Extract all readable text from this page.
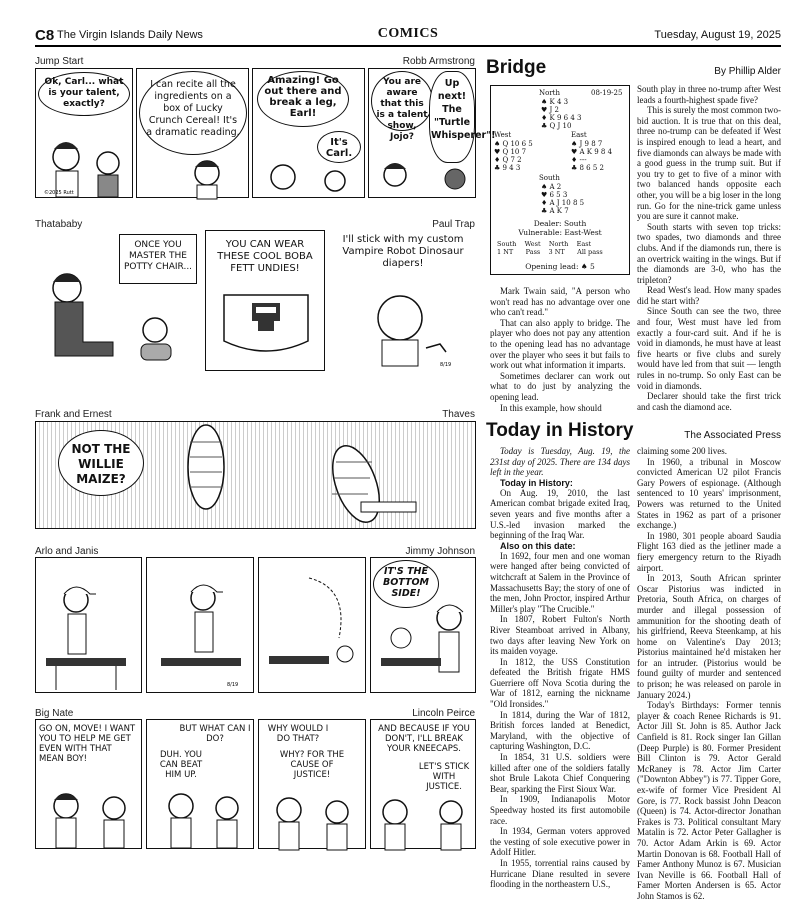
C8 The Virgin Islands Daily News	COMICS	Tuesday, August 19, 2025
Jump Start	Robb Armstrong
Ok, Carl... what is your talent, exactly?
©2025 Rutt
I can recite all the ingredients on a box of Lucky Crunch Cereal! It's a dramatic reading.
Amazing! Go out there and break a leg, Earl!
It's Carl.
You are aware that this is a talent show, Jojo?
Up next! The "Turtle Whisperer"!
Thatababy	Paul Trap
ONCE YOU MASTER THE POTTY CHAIR...
YOU CAN WEAR THESE COOL BOBA FETT UNDIES!
I'll stick with my custom Vampire Robot Dinosaur diapers!
8/19
Frank and Ernest	Thaves
NOT THE WILLIE MAIZE?
Arlo and Janis	Jimmy Johnson
8/19
IT'S THE BOTTOM SIDE!
Big Nate	Lincoln Peirce
GO ON, MOVE! I WANT YOU TO HELP ME GET EVEN WITH THAT MEAN BOY!
BUT WHAT CAN I DO?
DUH. YOU CAN BEAT HIM UP.
WHY WOULD I DO THAT?
WHY? FOR THE CAUSE OF JUSTICE!
AND BECAUSE IF YOU DON'T, I'LL BREAK YOUR KNEECAPS.
LET'S STICK WITH JUSTICE.
Bridge	By Phillip Alder
North	08-19-25
♠ K 4 3
♥ J 2
♦ K 9 6 4 3
♣ Q J 10
West
♠ Q 10 6 5
♥ Q 10 7
♦ Q 7 2
♣ 9 4 3
East
♠ J 9 8 7
♥ A K 9 8 4
♦ ---
♣ 8 6 5 2
South
♠ A 2
♥ 6 5 3
♦ A J 10 8 5
♣ A K 7
Dealer: South
Vulnerable: East-West
South    West    North    East
1 NT      Pass    3 NT      All pass
Opening lead: ♠ 5

Mark Twain said, "A person who won't read has no advantage over one who can't read."

That can also apply to bridge. The player who does not pay any attention to the opening lead has no advantage over the player who sees it but fails to work out what information it imparts.

Sometimes declarer can work out what to do just by analyzing the opening lead.

In this example, how should

South play in three no-trump after West leads a fourth-highest spade five?

This is surely the most common two-bid auction. It is true that on this deal, three no-trump can be defeated if West is inspired enough to lead a heart, and five diamonds can always be made with a good guess in the trump suit. But if you try to get to five of a minor with two balanced hands opposite each other, you will be a big loser in the long run. Go for the nine-trick game unless you are sure it cannot make.

South starts with seven top tricks: two spades, two diamonds and three clubs. And if the diamonds run, there is an overtrick waiting in the wings. But if the diamonds are 3-0, who has the tripleton?

Read West's lead. How many spades did he start with?

Since South can see the two, three and four, West must have led from exactly a four-card suit. And if he is void in diamonds, he must have at least five hearts or five clubs and surely would have led from that suit — length rules in no-trump. So only East can be void in diamonds.

Declarer should take the first trick and cash the diamond ace.

Today in History	The Associated Press

Today is Tuesday, Aug. 19, the 231st day of 2025. There are 134 days left in the year.

Today in History:

On Aug. 19, 2010, the last American combat brigade exited Iraq, seven years and five months after a U.S.-led invasion marked the beginning of the Iraq War.

Also on this date:

In 1692, four men and one woman were hanged after being convicted of witchcraft at Salem in the Province of Massachusetts Bay; the story of one of the men, John Proctor, inspired Arthur Miller's play "The Crucible."

In 1807, Robert Fulton's North River Steamboat arrived in Albany, two days after leaving New York on its maiden voyage.

In 1812, the USS Constitution defeated the British frigate HMS Guerriere off Nova Scotia during the War of 1812, earning the nickname "Old Ironsides."

In 1814, during the War of 1812, British forces landed at Benedict, Maryland, with the objective of capturing Washington, D.C.

In 1854, 31 U.S. soldiers were killed after one of the soldiers fatally shot Brule Lakota Chief Conquering Bear, sparking the First Sioux War.

In 1909, Indianapolis Motor Speedway hosted its first automobile race.

In 1934, German voters approved the vesting of sole executive power in Adolf Hitler.

In 1955, torrential rains caused by Hurricane Diane resulted in severe flooding in the northeastern U.S.,

claiming some 200 lives.

In 1960, a tribunal in Moscow convicted American U2 pilot Francis Gary Powers of espionage. (Although sentenced to 10 years' imprisonment, Powers was returned to the United States in 1962 as part of a prisoner exchange.)

In 1980, 301 people aboard Saudia Flight 163 died as the jetliner made a fiery emergency return to the Riyadh airport.

In 2013, South African sprinter Oscar Pistorius was indicted in Pretoria, South Africa, on charges of murder and illegal possession of ammunition for the shooting death of his girlfriend, Reeva Steenkamp, at his home on Valentine's Day 2013; Pistorius maintained he'd mistaken her for an intruder. (Pistorius would be found guilty of murder and sentenced to prison; he was released on parole in January 2024.)

Today's Birthdays: Former tennis player & coach Renee Richards is 91. Actor Jill St. John is 85. Author Jack Canfield is 81. Rock singer Ian Gillan (Deep Purple) is 80. Former President Bill Clinton is 79. Actor Gerald McRaney is 78. Actor Jim Carter ("Downton Abbey") is 77. Tipper Gore, ex-wife of former Vice President Al Gore, is 77. Rock bassist John Deacon (Queen) is 74. Actor-director Jonathan Frakes is 73. Political consultant Mary Matalin is 72. Actor Peter Gallagher is 70. Actor Adam Arkin is 69. Actor Martin Donovan is 68. Football Hall of Famer Anthony Munoz is 67. Musician Ivan Neville is 66. Football Hall of Famer Morten Andersen is 65. Actor John Stamos is 62.
